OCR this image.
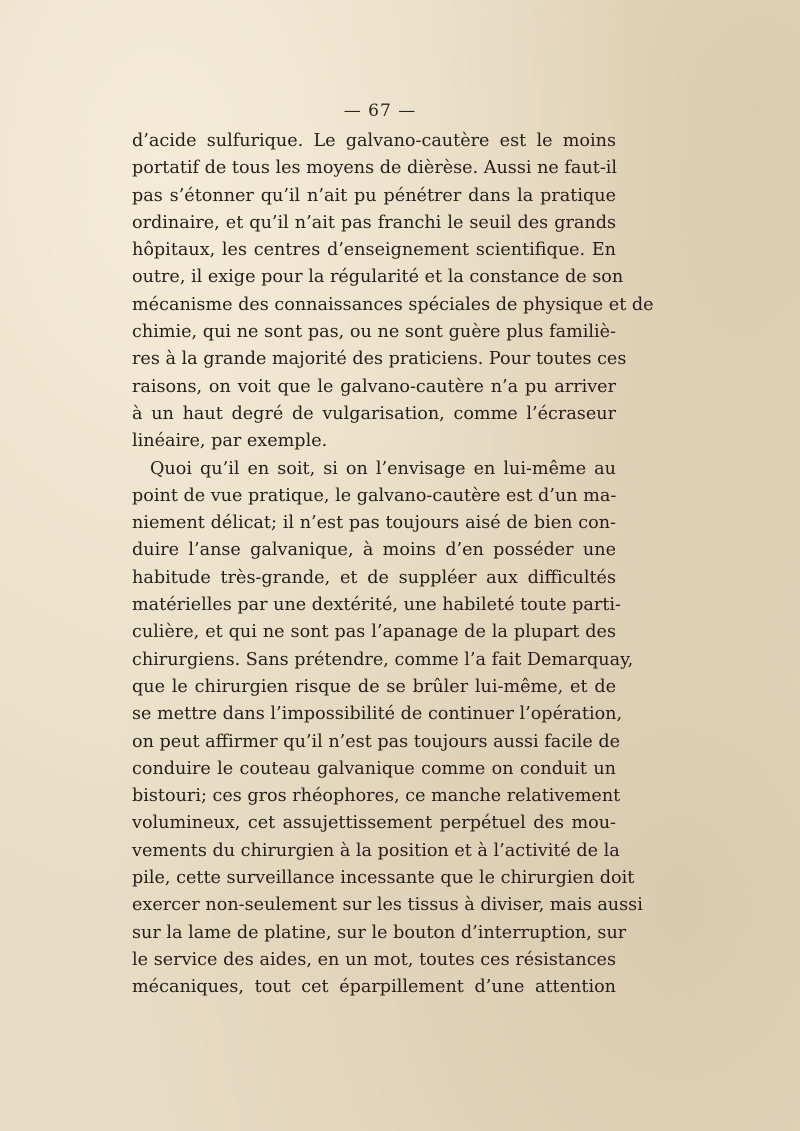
— 67 —
d’acide sulfurique. Le galvano-cautère est le moins
portatif de tous les moyens de dièrèse. Aussi ne faut-il
pas s’étonner qu’il n’ait pu pénétrer dans la pratique
ordinaire, et qu’il n’ait pas franchi le seuil des grands
hôpitaux, les centres d’enseignement scientifique. En
outre, il exige pour la régularité et la constance de son
mécanisme des connaissances spéciales de physique et de
chimie, qui ne sont pas, ou ne sont guère plus familiè-
res à la grande majorité des praticiens. Pour toutes ces
raisons, on voit que le galvano-cautère n’a pu arriver
à un haut degré de vulgarisation, comme l’écraseur
linéaire, par exemple.
Quoi qu’il en soit, si on l’envisage en lui-même au
point de vue pratique, le galvano-cautère est d’un ma-
niement délicat; il n’est pas toujours aisé de bien con-
duire l’anse galvanique, à moins d’en posséder une
habitude très-grande, et de suppléer aux difficultés
matérielles par une dextérité, une habileté toute parti-
culière, et qui ne sont pas l’apanage de la plupart des
chirurgiens. Sans prétendre, comme l’a fait Demarquay,
que le chirurgien risque de se brûler lui-même, et de
se mettre dans l’impossibilité de continuer l’opération,
on peut affirmer qu’il n’est pas toujours aussi facile de
conduire le couteau galvanique comme on conduit un
bistouri; ces gros rhéophores, ce manche relativement
volumineux, cet assujettissement perpétuel des mou-
vements du chirurgien à la position et à l’activité de la
pile, cette surveillance incessante que le chirurgien doit
exercer non-seulement sur les tissus à diviser, mais aussi
sur la lame de platine, sur le bouton d’interruption, sur
le service des aides, en un mot, toutes ces résistances
mécaniques, tout cet éparpillement d’une attention
